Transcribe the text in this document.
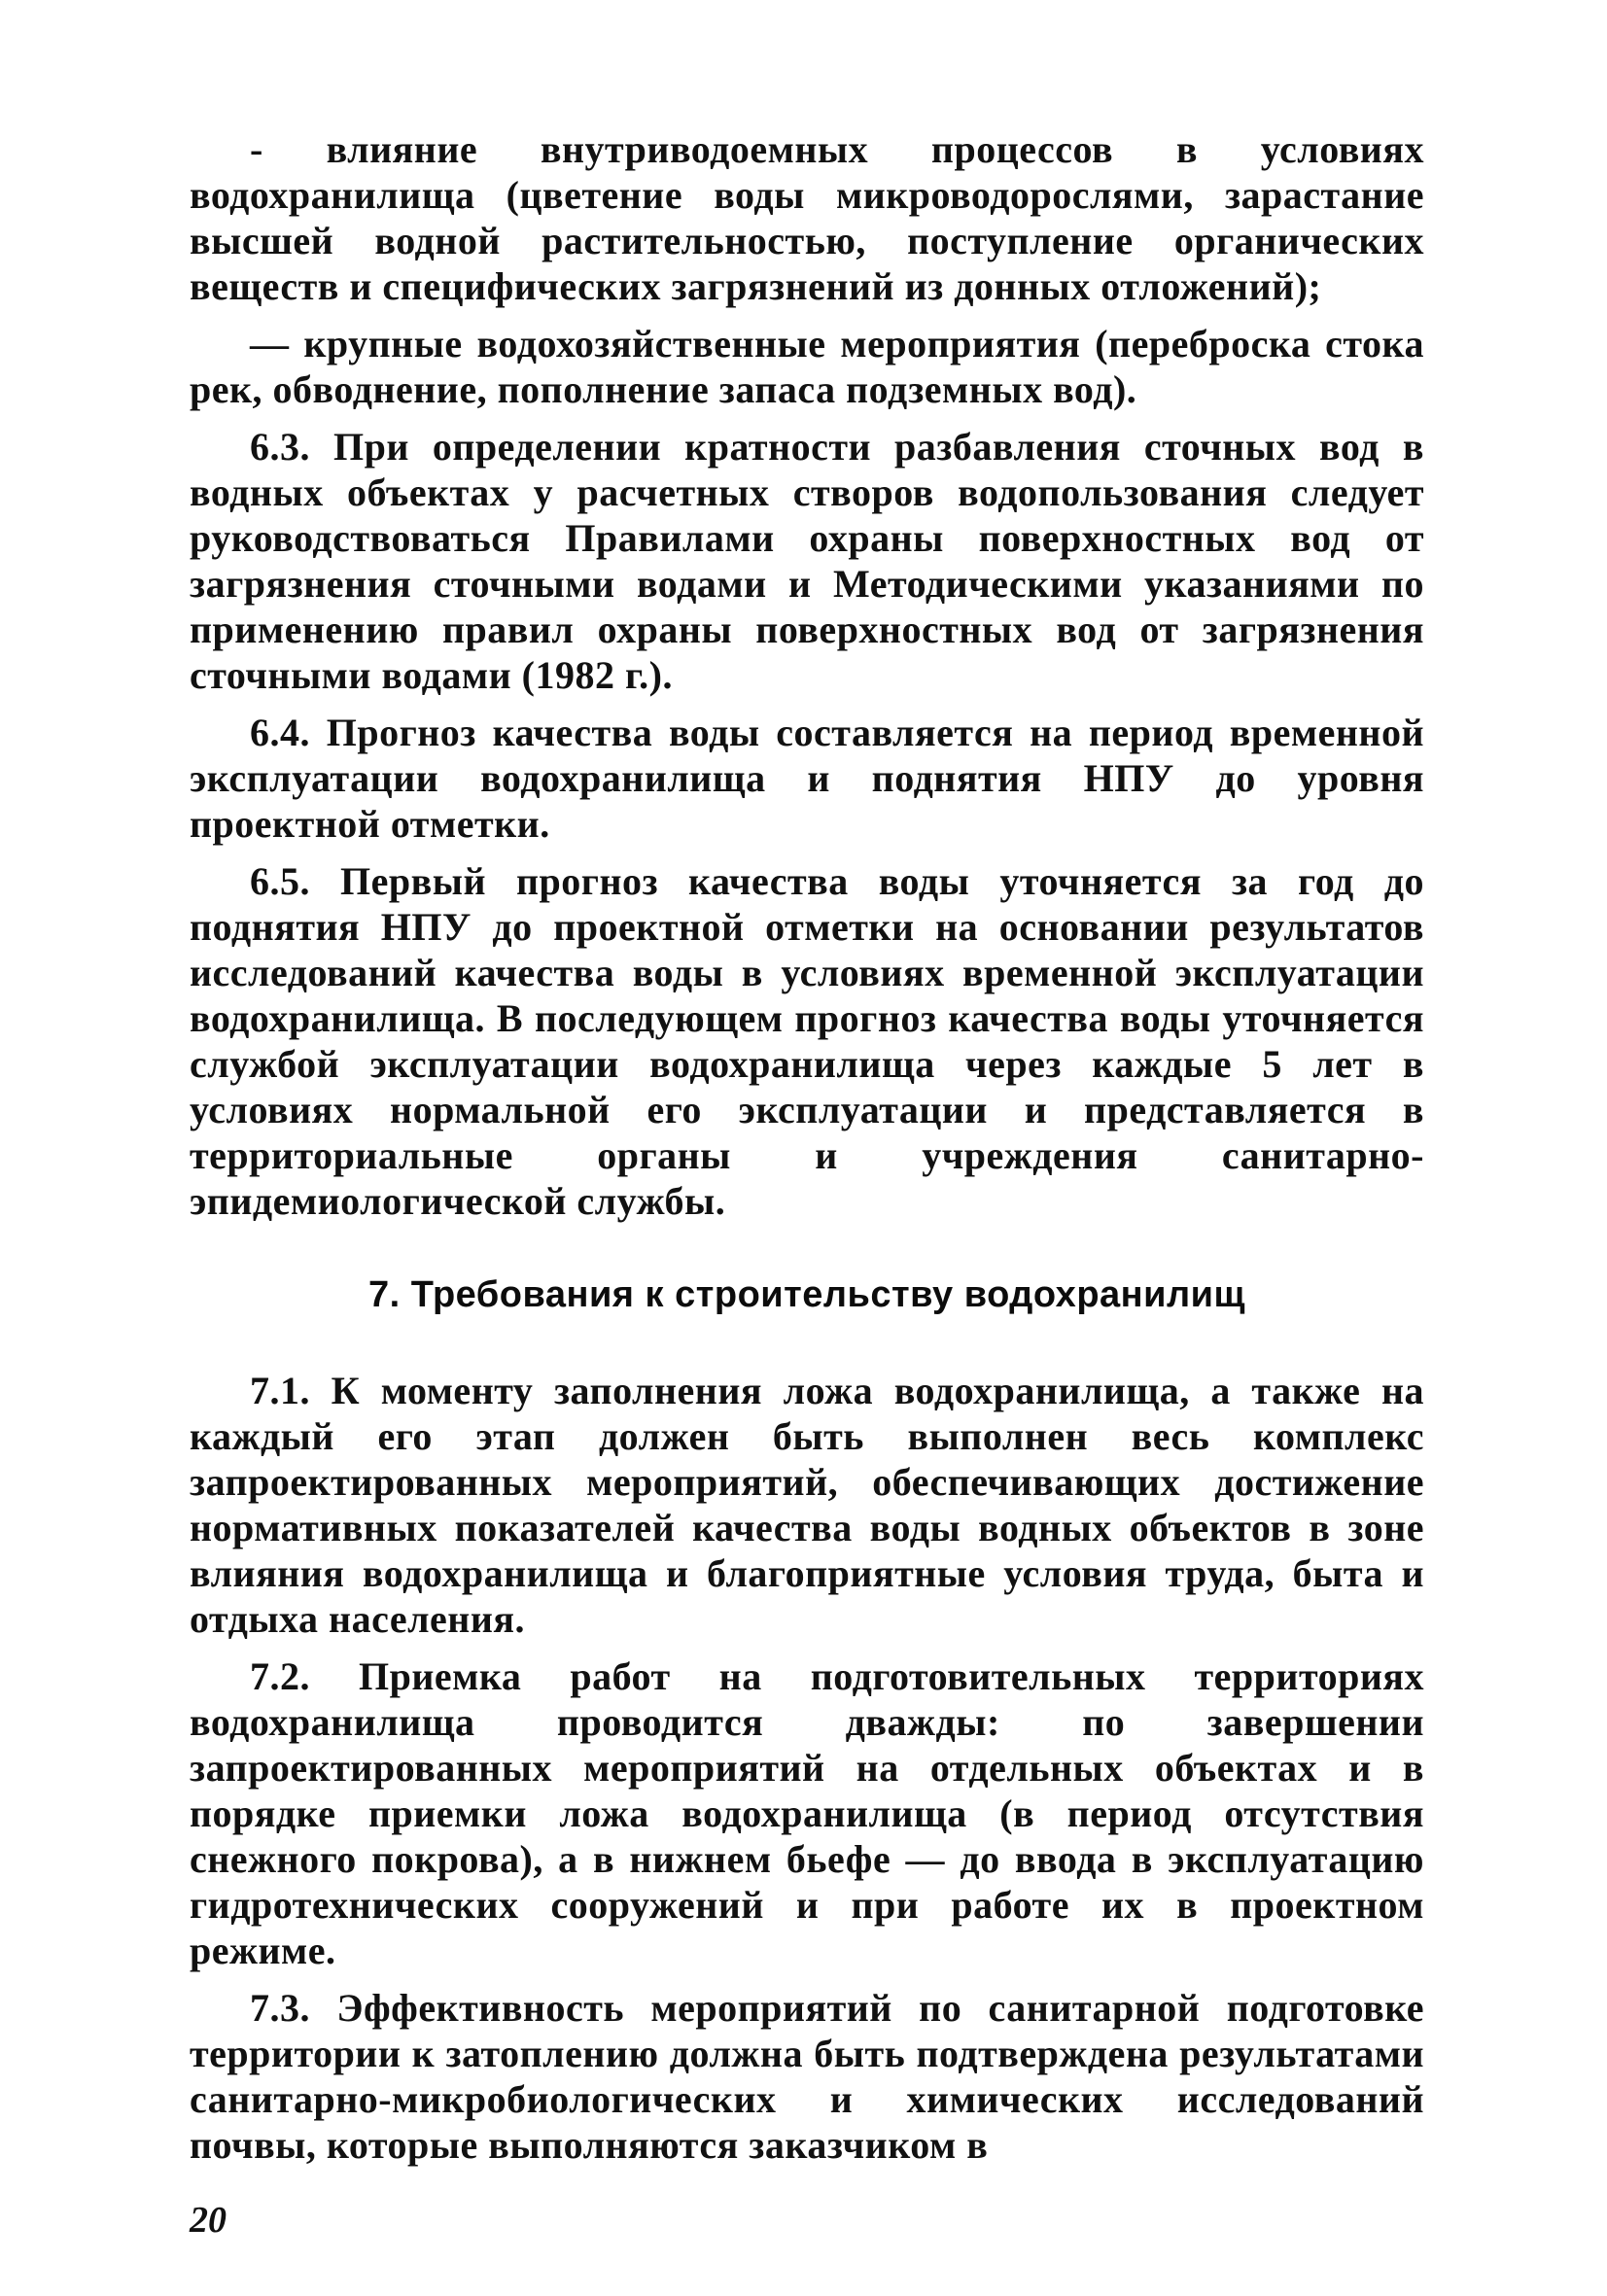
- влияние внутриводоемных процессов в условиях водохранилища (цветение воды микроводорослями, зарастание высшей водной растительностью, поступление органических веществ и специфических загрязнений из донных отложений);

— крупные водохозяйственные мероприятия (переброска стока рек, обводнение, пополнение запаса подземных вод).

6.3. При определении кратности разбавления сточных вод в водных объектах у расчетных створов водопользования следует руководствоваться Правилами охраны поверхностных вод от загрязнения сточными водами и Методическими указаниями по применению правил охраны поверхностных вод от загрязнения сточными водами (1982 г.).

6.4. Прогноз качества воды составляется на период временной эксплуатации водохранилища и поднятия НПУ до уровня проектной отметки.

6.5. Первый прогноз качества воды уточняется за год до поднятия НПУ до проектной отметки на основании результатов исследований качества воды в условиях временной эксплуатации водохранилища. В последующем прогноз качества воды уточняется службой эксплуатации водохранилища через каждые 5 лет в условиях нормальной его эксплуатации и представляется в территориальные органы и учреждения санитарно-эпидемиологической службы.

7. Требования к строительству водохранилищ

7.1. К моменту заполнения ложа водохранилища, а также на каждый его этап должен быть выполнен весь комплекс запроектированных мероприятий, обеспечивающих достижение нормативных показателей качества воды водных объектов в зоне влияния водохранилища и благоприятные условия труда, быта и отдыха населения.

7.2. Приемка работ на подготовительных территориях водохранилища проводится дважды: по завершении запроектированных мероприятий на отдельных объектах и в порядке приемки ложа водохранилища (в период отсутствия снежного покрова), а в нижнем бьефе — до ввода в эксплуатацию гидротехнических сооружений и при работе их в проектном режиме.

7.3. Эффективность мероприятий по санитарной подготовке территории к затоплению должна быть подтверждена результатами санитарно-микробиологических и химических исследований почвы, которые выполняются заказчиком в

20
